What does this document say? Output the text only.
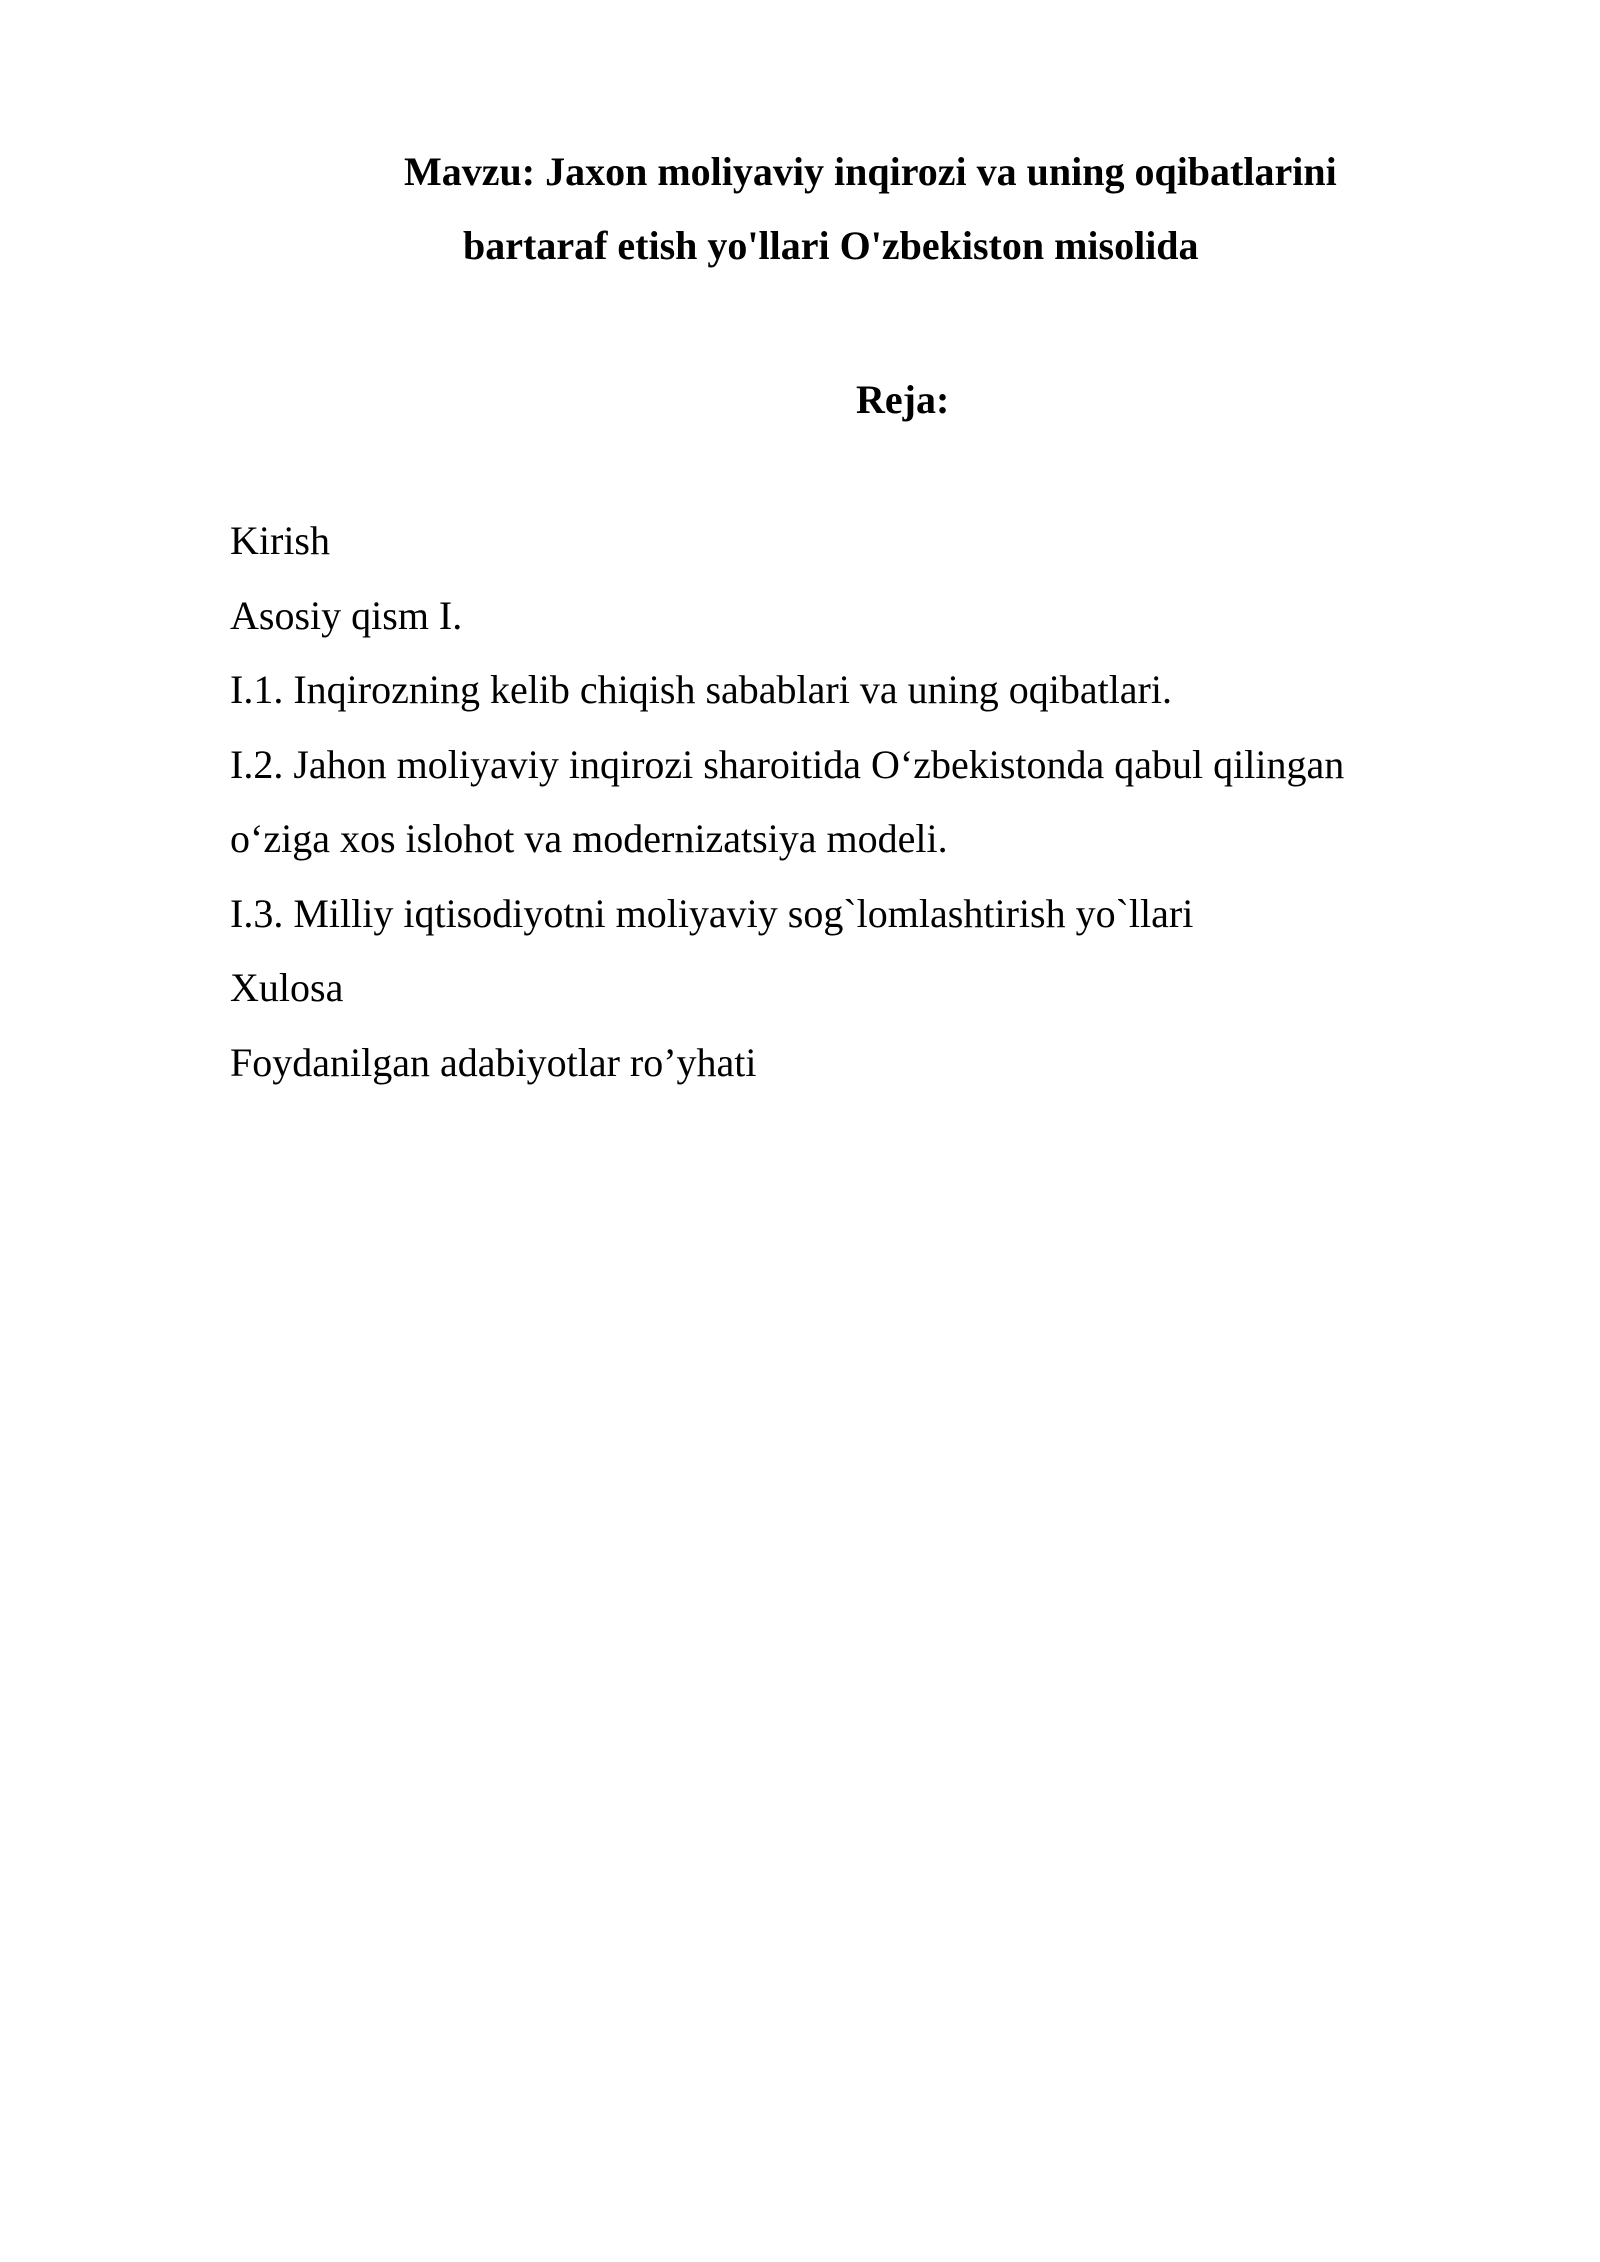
Mavzu: Jaxon moliyaviy inqirozi va uning oqibatlarini
bartaraf etish yo'llari O'zbekiston misolida
Reja:
Kirish
Asosiy qism I.
I.1. Inqirozning kelib chiqish sabablari va uning oqibatlari.
I.2. Jahon moliyaviy inqirozi sharoitida O‘zbekistonda qabul qilingan
o‘ziga xos islohot va modernizatsiya modeli.
I.3. Milliy iqtisodiyotni moliyaviy sog`lomlashtirish yo`llari
Xulosa
Foydanilgan adabiyotlar ro’yhati
